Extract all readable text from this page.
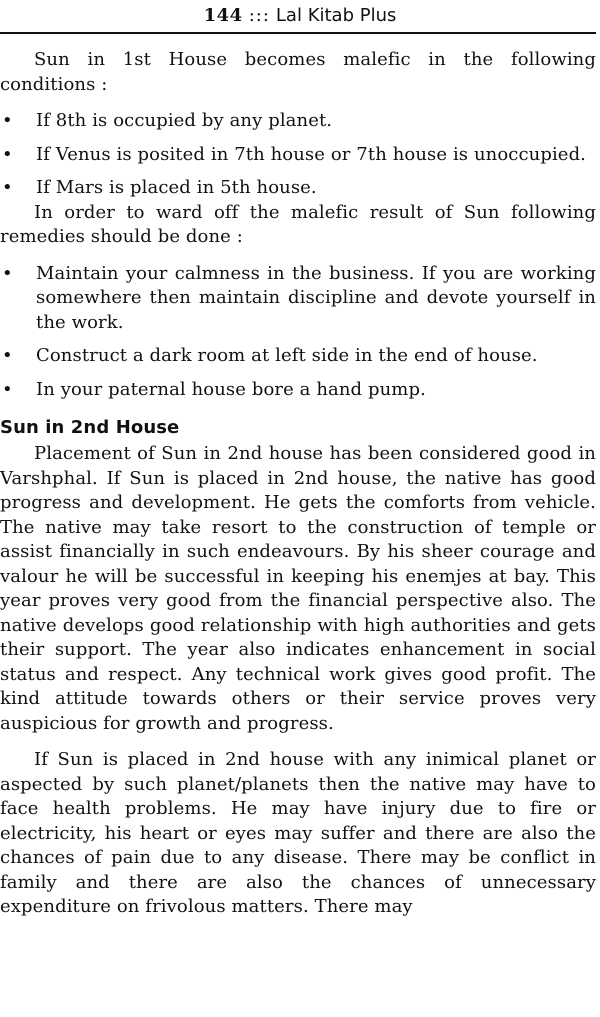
144 ::: Lal Kitab Plus

Sun in 1st House becomes malefic in the following conditions :

• If 8th is occupied by any planet.
• If Venus is posited in 7th house or 7th house is unoccupied.
• If Mars is placed in 5th house.

In order to ward off the malefic result of Sun following remedies should be done :

• Maintain your calmness in the business. If you are working somewhere then maintain discipline and devote yourself in the work.
• Construct a dark room at left side in the end of house.
• In your paternal house bore a hand pump.
Sun in 2nd House

Placement of Sun in 2nd house has been considered good in Varshphal. If Sun is placed in 2nd house, the native has good progress and development. He gets the comforts from vehicle. The native may take resort to the construction of temple or assist financially in such endeavours. By his sheer courage and valour he will be successful in keeping his enemjes at bay. This year proves very good from the financial perspective also. The native develops good relationship with high authorities and gets their support. The year also indicates enhancement in social status and respect. Any technical work gives good profit. The kind attitude towards others or their service proves very auspicious for growth and progress.

If Sun is placed in 2nd house with any inimical planet or aspected by such planet/planets then the native may have to face health problems. He may have injury due to fire or electricity, his heart or eyes may suffer and there are also the chances of pain due to any disease. There may be conflict in family and there are also the chances of unnecessary expenditure on frivolous matters. There may
